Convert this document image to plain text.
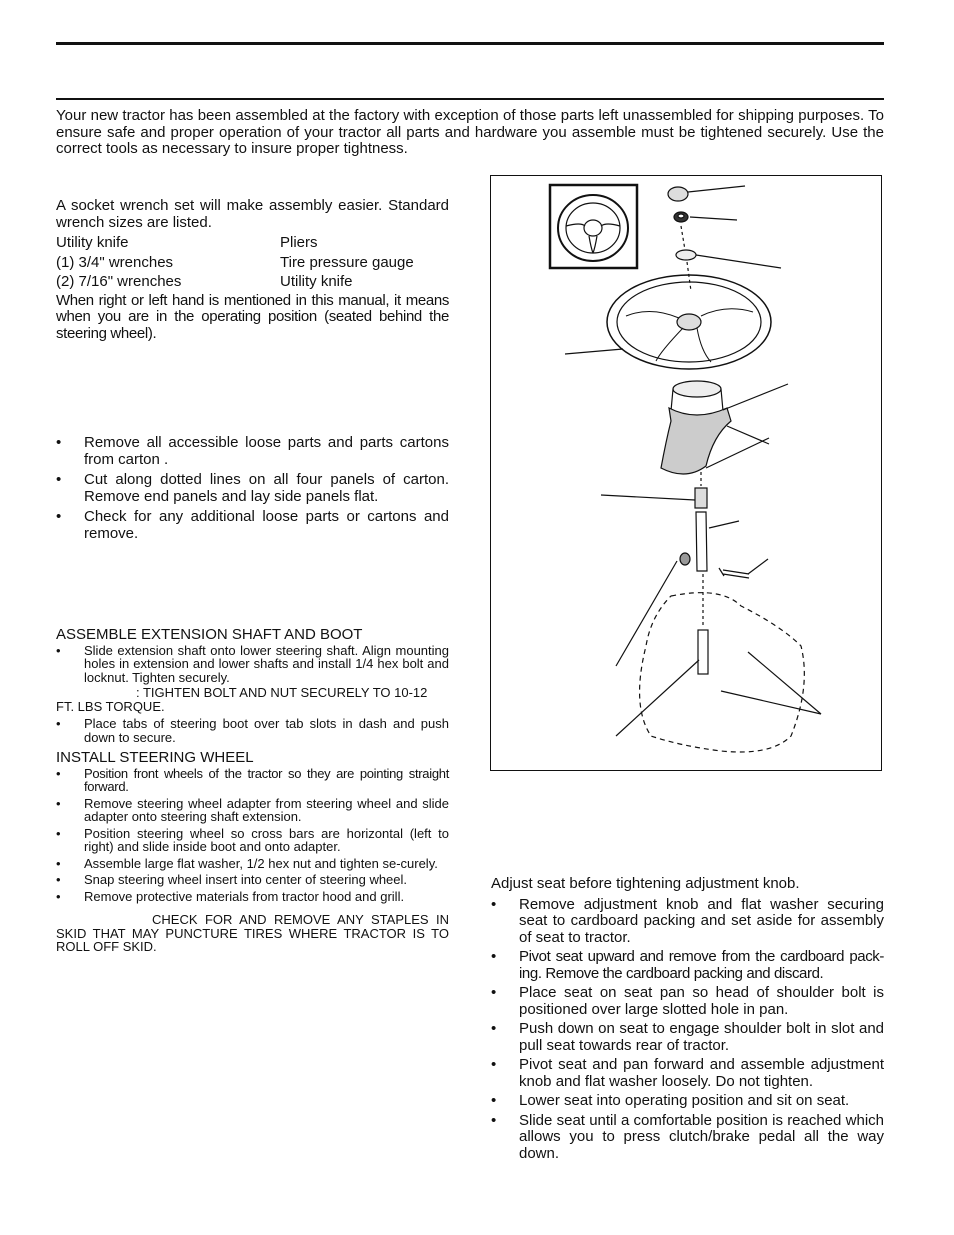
Your new tractor has been assembled at the factory with exception of those parts left unassembled for shipping purposes. To ensure safe and proper operation of your tractor all parts and hardware you assemble must be tightened securely. Use the correct tools as necessary to insure proper tightness.

A socket wrench set will make assembly easier. Standard wrench sizes are listed.

Utility knife	Pliers
(1) 3/4" wrenches	Tire pressure gauge
(2) 7/16" wrenches	Utility knife

When right or left hand is mentioned in this manual, it means when you are in the operating position (seated behind the steering wheel).

• Remove all accessible loose parts and parts cartons from carton .
• Cut along dotted lines on all four panels of carton. Remove end panels and lay side panels flat.
• Check for any additional loose parts or cartons and remove.
ASSEMBLE EXTENSION SHAFT AND BOOT
• Slide extension shaft onto lower steering shaft. Align mounting holes in extension and lower shafts and install 1/4 hex bolt and locknut. Tighten securely.
: TIGHTEN BOLT AND NUT SECURELY TO 10-12 FT. LBS TORQUE.
• Place tabs of steering boot over tab slots in dash and push down to secure.
INSTALL STEERING WHEEL
• Position front wheels of the tractor so they are pointing straight forward.
• Remove steering wheel adapter from steering wheel and slide adapter onto steering shaft extension.
• Position steering wheel so cross bars are horizontal (left to right) and slide inside boot and onto adapter.
• Assemble large flat washer, 1/2 hex nut and tighten se-curely.
• Snap steering wheel insert into center of steering wheel.
• Remove protective materials from tractor hood and grill.
CHECK FOR AND REMOVE ANY STAPLES IN SKID THAT MAY PUNCTURE TIRES WHERE TRACTOR IS TO ROLL OFF SKID.

Adjust seat before tightening adjustment knob.

• Remove adjustment knob and flat washer securing seat to cardboard packing and set aside for assembly of seat to tractor.
• Pivot seat upward and remove from the cardboard pack-ing. Remove the cardboard packing and discard.
• Place seat on seat pan so head of shoulder bolt is positioned over large slotted hole in pan.
• Push down on seat to engage shoulder bolt in slot and pull seat towards rear of tractor.
• Pivot seat and pan forward and assemble adjustment knob and flat washer loosely. Do not tighten.
• Lower seat into operating position and sit on seat.
• Slide seat until a comfortable position is reached which allows you to press clutch/brake pedal all the way down.
